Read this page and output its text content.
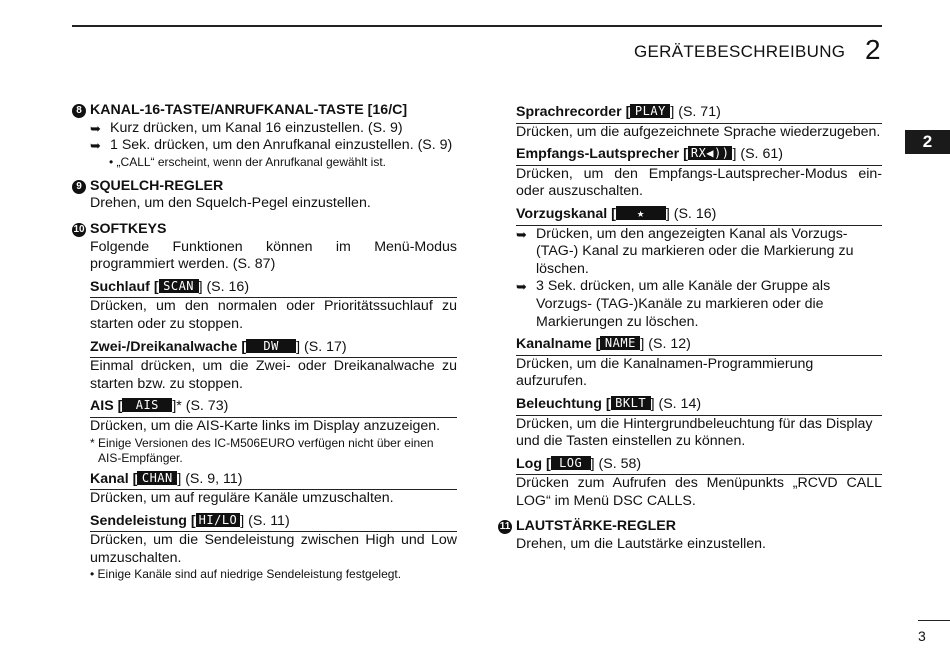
GERÄTEBESCHREIBUNG 2
2
3
8 KANAL-16-TASTE/ANRUFKANAL-TASTE [16/C]
➥ Kurz drücken, um Kanal 16 einzustellen. (S. 9)
➥ 1 Sek. drücken, um den Anrufkanal einzustellen. (S. 9)
• „CALL“ erscheint, wenn der Anrufkanal gewählt ist.
9 SQUELCH-REGLER
Drehen, um den Squelch-Pegel einzustellen.
10 SOFTKEYS
Folgende Funktionen können im Menü-Modus programmiert werden. (S. 87)
Suchlauf [ SCAN ] (S. 16)
Drücken, um den normalen oder Prioritätssuchlauf zu starten oder zu stoppen.
Zwei-/Dreikanalwache [ DW ] (S. 17)
Einmal drücken, um die Zwei- oder Dreikanalwache zu starten bzw. zu stoppen.
AIS [ AIS ]* (S. 73)
Drücken, um die AIS-Karte links im Display anzuzeigen.
* Einige Versionen des IC-M506EURO verfügen nicht über einen AIS-Empfänger.
Kanal [ CHAN ] (S. 9, 11)
Drücken, um auf reguläre Kanäle umzuschalten.
Sendeleistung [ HI/LO ] (S. 11)
Drücken, um die Sendeleistung zwischen High und Low umzuschalten.
• Einige Kanäle sind auf niedrige Sendeleistung festgelegt.
Sprachrecorder [ PLAY ] (S. 71)
Drücken, um die aufgezeichnete Sprache wiederzugeben.
Empfangs-Lautsprecher [ RX◀)) ] (S. 61)
Drücken, um den Empfangs-Lautsprecher-Modus ein- oder auszuschalten.
Vorzugskanal [ ★ ] (S. 16)
➥ Drücken, um den angezeigten Kanal als Vorzugs- (TAG-) Kanal zu markieren oder die Markierung zu löschen.
➥ 3 Sek. drücken, um alle Kanäle der Gruppe als Vorzugs- (TAG-)Kanäle zu markieren oder die Markierungen zu löschen.
Kanalname [ NAME ] (S. 12)
Drücken, um die Kanalnamen-Programmierung aufzurufen.
Beleuchtung [ BKLT ] (S. 14)
Drücken, um die Hintergrundbeleuchtung für das Display und die Tasten einstellen zu können.
Log [ LOG ] (S. 58)
Drücken zum Aufrufen des Menüpunkts „RCVD CALL LOG“ im Menü DSC CALLS.
11 LAUTSTÄRKE-REGLER
Drehen, um die Lautstärke einzustellen.
